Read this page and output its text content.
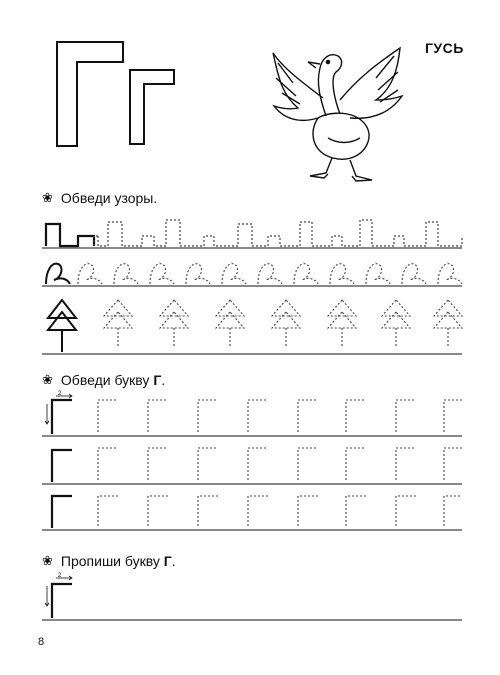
ГУСЬ
❀ Обведи узоры.
❀ Обведи букву Г.
2
❀ Пропиши букву Г.
2
8
